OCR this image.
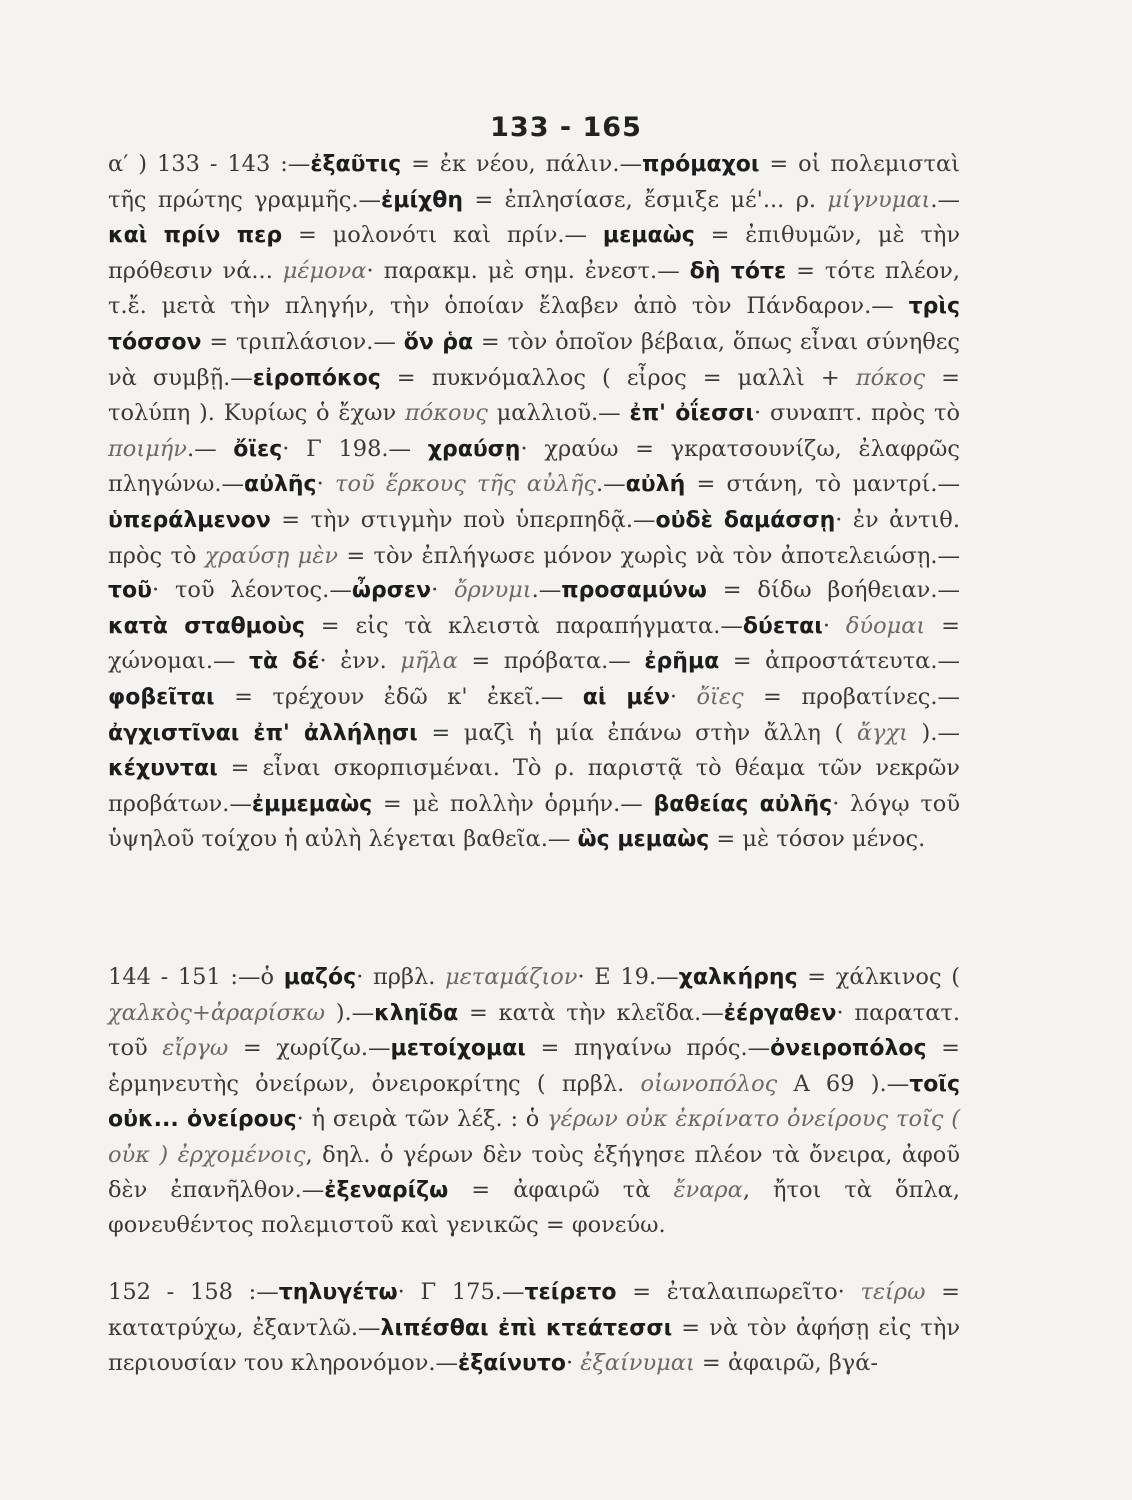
133 - 165
α′ ) 133 - 143 :—ἐξαῦτις = ἐκ νέου, πάλιν.—πρόμαχοι = οἱ πολεμισταὶ τῆς πρώτης γραμμῆς.—ἐμίχθη = ἐπλησίασε, ἔσμιξε μέ'... ρ. μίγνυμαι.—καὶ πρίν περ = μολονότι καὶ πρίν.— μεμαὼς = ἐπιθυμῶν, μὲ τὴν πρόθεσιν νά... μέμονα· παρακμ. μὲ σημ. ἐνεστ.— δὴ τότε = τότε πλέον, τ.ἔ. μετὰ τὴν πληγήν, τὴν ὁποίαν ἔλαβεν ἀπὸ τὸν Πάνδαρον.— τρὶς τόσσον = τριπλάσιον.— ὅν ῥα = τὸν ὁποῖον βέβαια, ὅπως εἶναι σύνηθες νὰ συμβῇ.—εἰροπόκος = πυκνόμαλλος ( εἶρος = μαλλὶ + πόκος = τολύπη ). Κυρίως ὁ ἔχων πόκους μαλλιοῦ.— ἐπ' ὀΐεσσι· συναπτ. πρὸς τὸ ποιμήν.— ὄϊες· Γ 198.— χραύσῃ· χραύω = γκρατσουνίζω, ἐλαφρῶς πληγώνω.—αὐλῆς· τοῦ ἕρκους τῆς αὐλῆς.—αὐλή = στάνη, τὸ μαντρί.—ὑπεράλμενον = τὴν στιγμὴν ποὺ ὑπερπηδᾷ.—οὐδὲ δαμάσσῃ· ἐν ἀντιθ. πρὸς τὸ χραύσῃ μὲν = τὸν ἐπλήγωσε μόνον χωρὶς νὰ τὸν ἀποτελειώσῃ.—τοῦ· τοῦ λέοντος.—ὦρσεν· ὄρνυμι.—προσαμύνω = δίδω βοήθειαν.— κατὰ σταθμοὺς = εἰς τὰ κλειστὰ παραπήγματα.—δύεται· δύομαι = χώνομαι.— τὰ δέ· ἐνν. μῆλα = πρόβατα.— ἐρῆμα = ἀπροστάτευτα.—φοβεῖται = τρέχουν ἐδῶ κ' ἐκεῖ.— αἱ μέν· ὄϊες = προβατίνες.— ἀγχιστῖναι ἐπ' ἀλλήλῃσι = μαζὶ ἡ μία ἐπάνω στὴν ἄλλη ( ἄγχι ).— κέχυνται = εἶναι σκορπισμέναι. Τὸ ρ. παριστᾷ τὸ θέαμα τῶν νεκρῶν προβάτων.—ἐμμεμαὼς = μὲ πολλὴν ὁρμήν.— βαθείας αὐλῆς· λόγῳ τοῦ ὑψηλοῦ τοίχου ἡ αὐλὴ λέγεται βαθεῖα.— ὣς μεμαὼς = μὲ τόσον μένος.
144 - 151 :—ὁ μαζός· πρβλ. μεταμάζιον· Ε 19.—χαλκήρης = χάλκινος ( χαλκὸς+ἀραρίσκω ).—κληῖδα = κατὰ τὴν κλεῖδα.—ἐέργαθεν· παρατατ. τοῦ εἴργω = χωρίζω.—μετοίχομαι = πηγαίνω πρός.—ὀνειροπόλος = ἑρμηνευτὴς ὀνείρων, ὀνειροκρίτης ( πρβλ. οἰωνοπόλος Α 69 ).—τοῖς οὐκ... ὀνείρους· ἡ σειρὰ τῶν λέξ. : ὁ γέρων οὐκ ἐκρίνατο ὀνείρους τοῖς ( οὐκ ) ἐρχομένοις, δηλ. ὁ γέρων δὲν τοὺς ἐξήγησε πλέον τὰ ὄνειρα, ἀφοῦ δὲν ἐπανῆλθον.—ἐξεναρίζω = ἀφαιρῶ τὰ ἔναρα, ἤτοι τὰ ὅπλα, φονευθέντος πολεμιστοῦ καὶ γενικῶς = φονεύω.
152 - 158 :—τηλυγέτω· Γ 175.—τείρετο = ἐταλαιπωρεῖτο· τείρω = κατατρύχω, ἐξαντλῶ.—λιπέσθαι ἐπὶ κτεάτεσσι = νὰ τὸν ἀφήσῃ εἰς τὴν περιουσίαν του κληρονόμον.—ἐξαίνυτο· ἐξαίνυμαι = ἀφαιρῶ, βγά-
